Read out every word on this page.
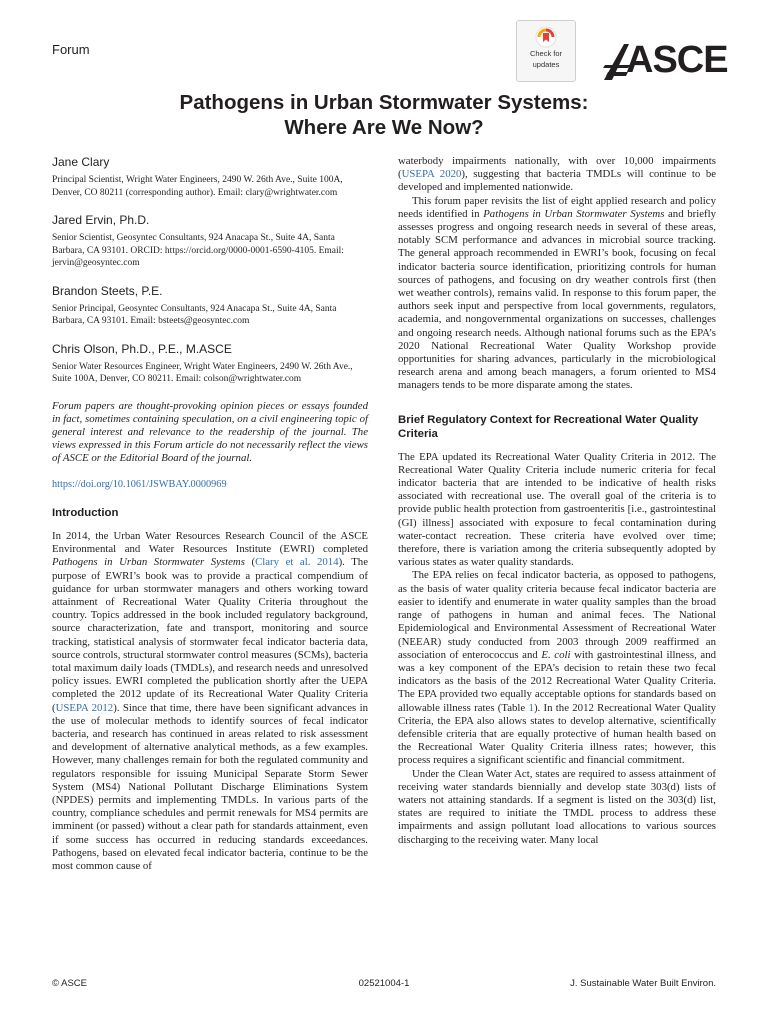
Forum	Check for
updates	ASCE
Pathogens in Urban Stormwater Systems:
Where Are We Now?

Jane Clary

Principal Scientist, Wright Water Engineers, 2490 W. 26th Ave., Suite 100A, Denver, CO 80211 (corresponding author). Email: clary@wrightwater.com

Jared Ervin, Ph.D.

Senior Scientist, Geosyntec Consultants, 924 Anacapa St., Suite 4A, Santa Barbara, CA 93101. ORCID: https://orcid.org/0000-0001-6590-4105. Email: jervin@geosyntec.com

Brandon Steets, P.E.

Senior Principal, Geosyntec Consultants, 924 Anacapa St., Suite 4A, Santa Barbara, CA 93101. Email: bsteets@geosyntec.com

Chris Olson, Ph.D., P.E., M.ASCE

Senior Water Resources Engineer, Wright Water Engineers, 2490 W. 26th Ave., Suite 100A, Denver, CO 80211. Email: colson@wrightwater.com

Forum papers are thought-provoking opinion pieces or essays founded in fact, sometimes containing speculation, on a civil engineering topic of general interest and relevance to the readership of the journal. The views expressed in this Forum article do not necessarily reflect the views of ASCE or the Editorial Board of the journal.

https://doi.org/10.1061/JSWBAY.0000969

Introduction

In 2014, the Urban Water Resources Research Council of the ASCE Environmental and Water Resources Institute (EWRI) completed Pathogens in Urban Stormwater Systems (Clary et al. 2014). The purpose of EWRI’s book was to provide a practical compendium of guidance for urban stormwater managers and others working toward attainment of Recreational Water Quality Criteria throughout the country. Topics addressed in the book included regulatory background, source characterization, fate and transport, monitoring and source tracking, statistical analysis of stormwater fecal indicator bacteria data, source controls, structural stormwater control measures (SCMs), bacteria total maximum daily loads (TMDLs), and research needs and unresolved policy issues. EWRI completed the publication shortly after the UEPA completed the 2012 update of its Recreational Water Quality Criteria (USEPA 2012). Since that time, there have been significant advances in the use of molecular methods to identify sources of fecal indicator bacteria, and research has continued in areas related to risk assessment and development of alternative analytical methods, as a few examples. However, many challenges remain for both the regulated community and regulators responsible for issuing Municipal Separate Storm Sewer System (MS4) National Pollutant Discharge Eliminations System (NPDES) permits and implementing TMDLs. In various parts of the country, compliance schedules and permit renewals for MS4 permits are imminent (or passed) without a clear path for standards attainment, even if some success has occurred in reducing standards exceedances. Pathogens, based on elevated fecal indicator bacteria, continue to be the most common cause of

waterbody impairments nationally, with over 10,000 impairments (USEPA 2020), suggesting that bacteria TMDLs will continue to be developed and implemented nationwide.

This forum paper revisits the list of eight applied research and policy needs identified in Pathogens in Urban Stormwater Systems and briefly assesses progress and ongoing research needs in several of these areas, notably SCM performance and advances in microbial source tracking. The general approach recommended in EWRI’s book, focusing on fecal indicator bacteria source identification, prioritizing controls for human sources of pathogens, and focusing on dry weather controls first (then wet weather controls), remains valid. In response to this forum paper, the authors seek input and perspective from local governments, regulators, academia, and nongovernmental organizations on successes, challenges and ongoing research needs. Although national forums such as the EPA’s 2020 National Recreational Water Quality Workshop provide opportunities for sharing advances, particularly in the microbiological research arena and among beach managers, a forum oriented to MS4 managers tends to be more disparate among the states.

Brief Regulatory Context for Recreational Water Quality Criteria

The EPA updated its Recreational Water Quality Criteria in 2012. The Recreational Water Quality Criteria include numeric criteria for fecal indicator bacteria that are intended to be indicative of health risks associated with recreational use. The overall goal of the criteria is to provide public health protection from gastroenteritis [i.e., gastrointestinal (GI) illness] associated with exposure to fecal contamination during water-contact recreation. These criteria have evolved over time; therefore, there is variation among the criteria subsequently adopted by various states as water quality standards.

The EPA relies on fecal indicator bacteria, as opposed to pathogens, as the basis of water quality criteria because fecal indicator bacteria are easier to identify and enumerate in water quality samples than the broad range of pathogens in human and animal feces. The National Epidemiological and Environmental Assessment of Recreational Water (NEEAR) study conducted from 2003 through 2009 reaffirmed an association of enterococcus and E. coli with gastrointestinal illness, and was a key component of the EPA’s decision to retain these two fecal indicators as the basis of the 2012 Recreational Water Quality Criteria. The EPA provided two equally acceptable options for standards based on allowable illness rates (Table 1). In the 2012 Recreational Water Quality Criteria, the EPA also allows states to develop alternative, scientifically defensible criteria that are equally protective of human health based on the Recreational Water Quality Criteria illness rates; however, this process requires a significant scientific and financial commitment.

Under the Clean Water Act, states are required to assess attainment of receiving water standards biennially and develop state 303(d) lists of waters not attaining standards. If a segment is listed on the 303(d) list, states are required to initiate the TMDL process to address these impairments and assign pollutant load allocations to various sources discharging to the receiving water. Many local

© ASCE	02521004-1	J. Sustainable Water Built Environ.
